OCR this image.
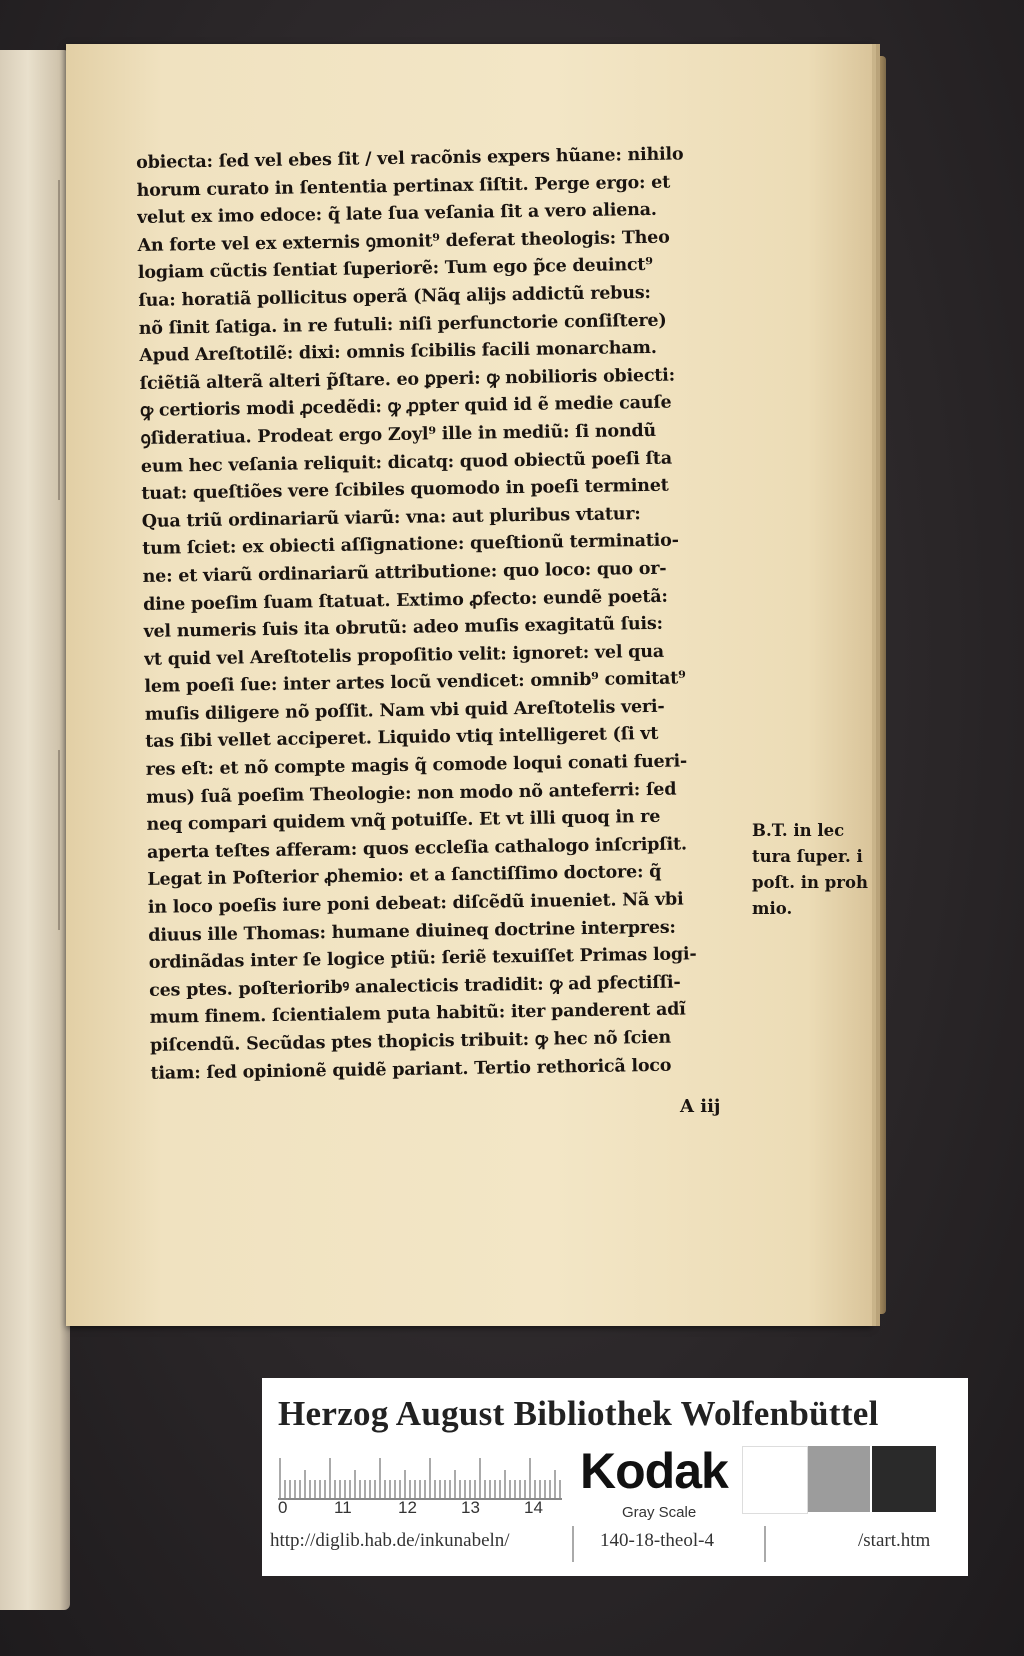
obiecta: ſed vel ebes ſit / vel racõnis expers hũane: nihilo
horum curato in ſententia pertinax ſiſtit. Perge ergo: et
velut ex imo edoce: q̃ late ſua veſania ſit a vero aliena.
An forte vel ex externis ꝯmonit⁹ deferat theologis: Theo
logiam cũctis ſentiat ſuperiorẽ: Tum ego p̃ce deuinct⁹
ſua: horatiã pollicitus operã (Nãq alijs addictũ rebus:
nõ ſinit ſatiga. in re futuli: niſi perfunctorie conſiſtere)
Apud Areſtotilẽ: dixi: omnis ſcibilis facili monarcham.
ſciẽtiã alterã alteri p̃ſtare. eo ꝑperi: ꝙ nobilioris obiecti:
ꝙ certioris modi ꝓcedẽdi: ꝙ ꝓpter quid id ẽ medie cauſe
ꝯſideratiua. Prodeat ergo Zoyl⁹ ille in mediũ: ſi nondũ
eum hec veſania reliquit: dicatq: quod obiectũ poeſi ſta
tuat: queſtiões vere ſcibiles quomodo in poeſi terminet
Qua triũ ordinariarũ viarũ: vna: aut pluribus vtatur:
tum ſciet: ex obiecti aſſignatione: queſtionũ terminatio-
ne: et viarũ ordinariarũ attributione: quo loco: quo or-
dine poeſim ſuam ſtatuat. Extimo ꝓfecto: eundẽ poetã:
vel numeris ſuis ita obrutũ: adeo muſis exagitatũ ſuis:
vt quid vel Areſtotelis propoſitio velit: ignoret: vel qua
lem poeſi ſue: inter artes locũ vendicet: omnib⁹ comitat⁹
muſis diligere nõ poſſit. Nam vbi quid Areſtotelis veri-
tas ſibi vellet acciperet. Liquido vtiq intelligeret (ſi vt
res eſt: et nõ compte magis q̃ comode loqui conati fueri-
mus) ſuã poeſim Theologie: non modo nõ anteferri: ſed
neq compari quidem vnq̃ potuiſſe. Et vt illi quoq in re
aperta teſtes afferam: quos eccleſia cathalogo inſcripſit.
Legat in Poſterior ꝓhemio: et a ſanctiſſimo doctore: q̃
in loco poeſis iure poni debeat: diſcẽdũ inueniet. Nã vbi
diuus ille Thomas: humane diuineq doctrine interpres:
ordinãdas inter ſe logice ptiũ: ſeriẽ texuiſſet Primas logi-
ces ptes. poſterioribꝰ analecticis tradidit: ꝙ ad pfectiſſi-
mum finem. ſcientialem puta habitũ: iter panderent adĩ
piſcendũ. Secũdas ptes thopicis tribuit: ꝙ hec nõ ſcien
tiam: ſed opinionẽ quidẽ pariant. Tertio rethoricã loco
A iij
B.T. in lec
tura ſuper. i
poſt. in proh
mio.
Herzog August Bibliothek Wolfenbüttel
0	11	12	13	14
Kodak
Gray Scale
http://diglib.hab.de/inkunabeln/	140-18-theol-4	/start.htm
